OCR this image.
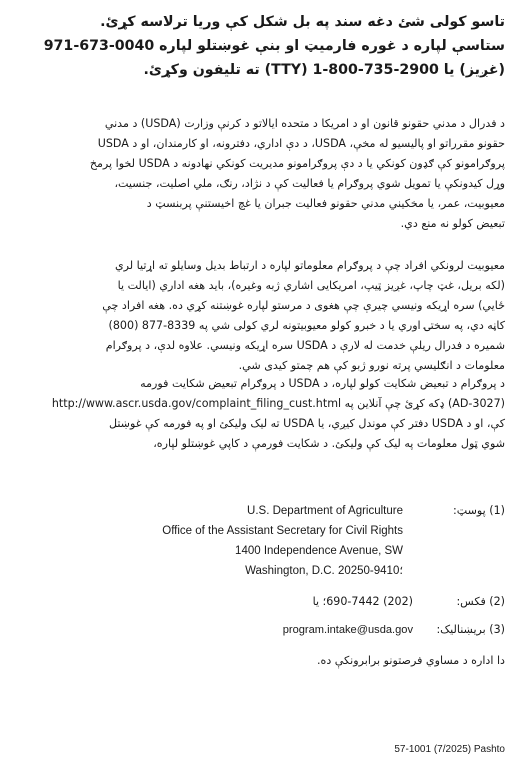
تاسو کولی شئ دغه سند په بل شکل کې وریا ترلاسه کړئ.
ستاسې لپاره د غوره فارمیټ او بنې غوښتلو لپاره 0040-673-971
(غږیز) یا 2900-735-800-1 (TTY) ته تلیفون وکړئ.
د فدرال د مدني حقونو قانون او د امریکا د متحده ایالاتو د کرنې وزارت (USDA) د مدني
حقونو مقرراتو او پالیسیو له مخې، USDA، د دې اداري، دفترونه، او کارمندان، او د USDA
پروګرامونو کې ګډون کونکي یا د دې پروګرامونو مدیریت کونکي نهادونه د USDA لخوا پرمخ
وړل کیدونکې یا تمویل شوي پروګرام یا فعالیت کې د نژاد، رنګ، ملي اصلیت، جنسیت،
معیوبیت، عمر، یا مخکیني مدني حقونو فعالیت جبران یا غچ اخیستنې پربنسټ د
تبعیض کولو نه منع دي.
معیوبیت لرونکي افراد چې د پروګرام معلوماتو لپاره د ارتباط بدیل وسایلو ته اړتیا لري
(لکه بریل، غټ چاپ، غږیز ټیپ، امریکایی اشاري ژبه وغیره)، باید هغه اداري (ایالت یا
ځایي) سره اړیکه ونیسي چیرې چې هغوی د مرستو لپاره غوښتنه کړي ده. هغه افراد چې
کاڼه دي، په سختۍ اوري یا د خبرو کولو معیوبیتونه لري کولی شي په 8339-877 (800)
شمیره د فدرال ریلې خدمت له لارې د USDA سره اړیکه ونیسي. علاوه لدې، د پروګرام
معلومات د انګلیسي پرته نورو ژبو کې هم چمتو کیدی شي.
د پروګرام د تبعیض شکایت کولو لپاره، د USDA د پروګرام تبعیض شکایت فورمه
(AD-3027) ډکه کړئ چې آنلاین په http://www.ascr.usda.gov/complaint_filing_cust.html
کې، او د USDA دفتر کې موندل کیږي، یا USDA ته لیک ولیکئ او په فورمه کې غوښتل
شوي ټول معلومات په لیک کې ولیکئ. د شکایت فورمې د کاپي غوښتلو لپاره،
(1) پوسټ:
U.S. Department of Agriculture
Office of the Assistant Secretary for Civil Rights
1400 Independence Avenue, SW
Washington, D.C. 20250-9410؛
(2) فکس:
(202) 690-7442؛ یا
(3) بریښنالیک:
program.intake@usda.gov
دا اداره د مساوي فرصتونو برابرونکې ده.
57-1001 (7/2025) Pashto
